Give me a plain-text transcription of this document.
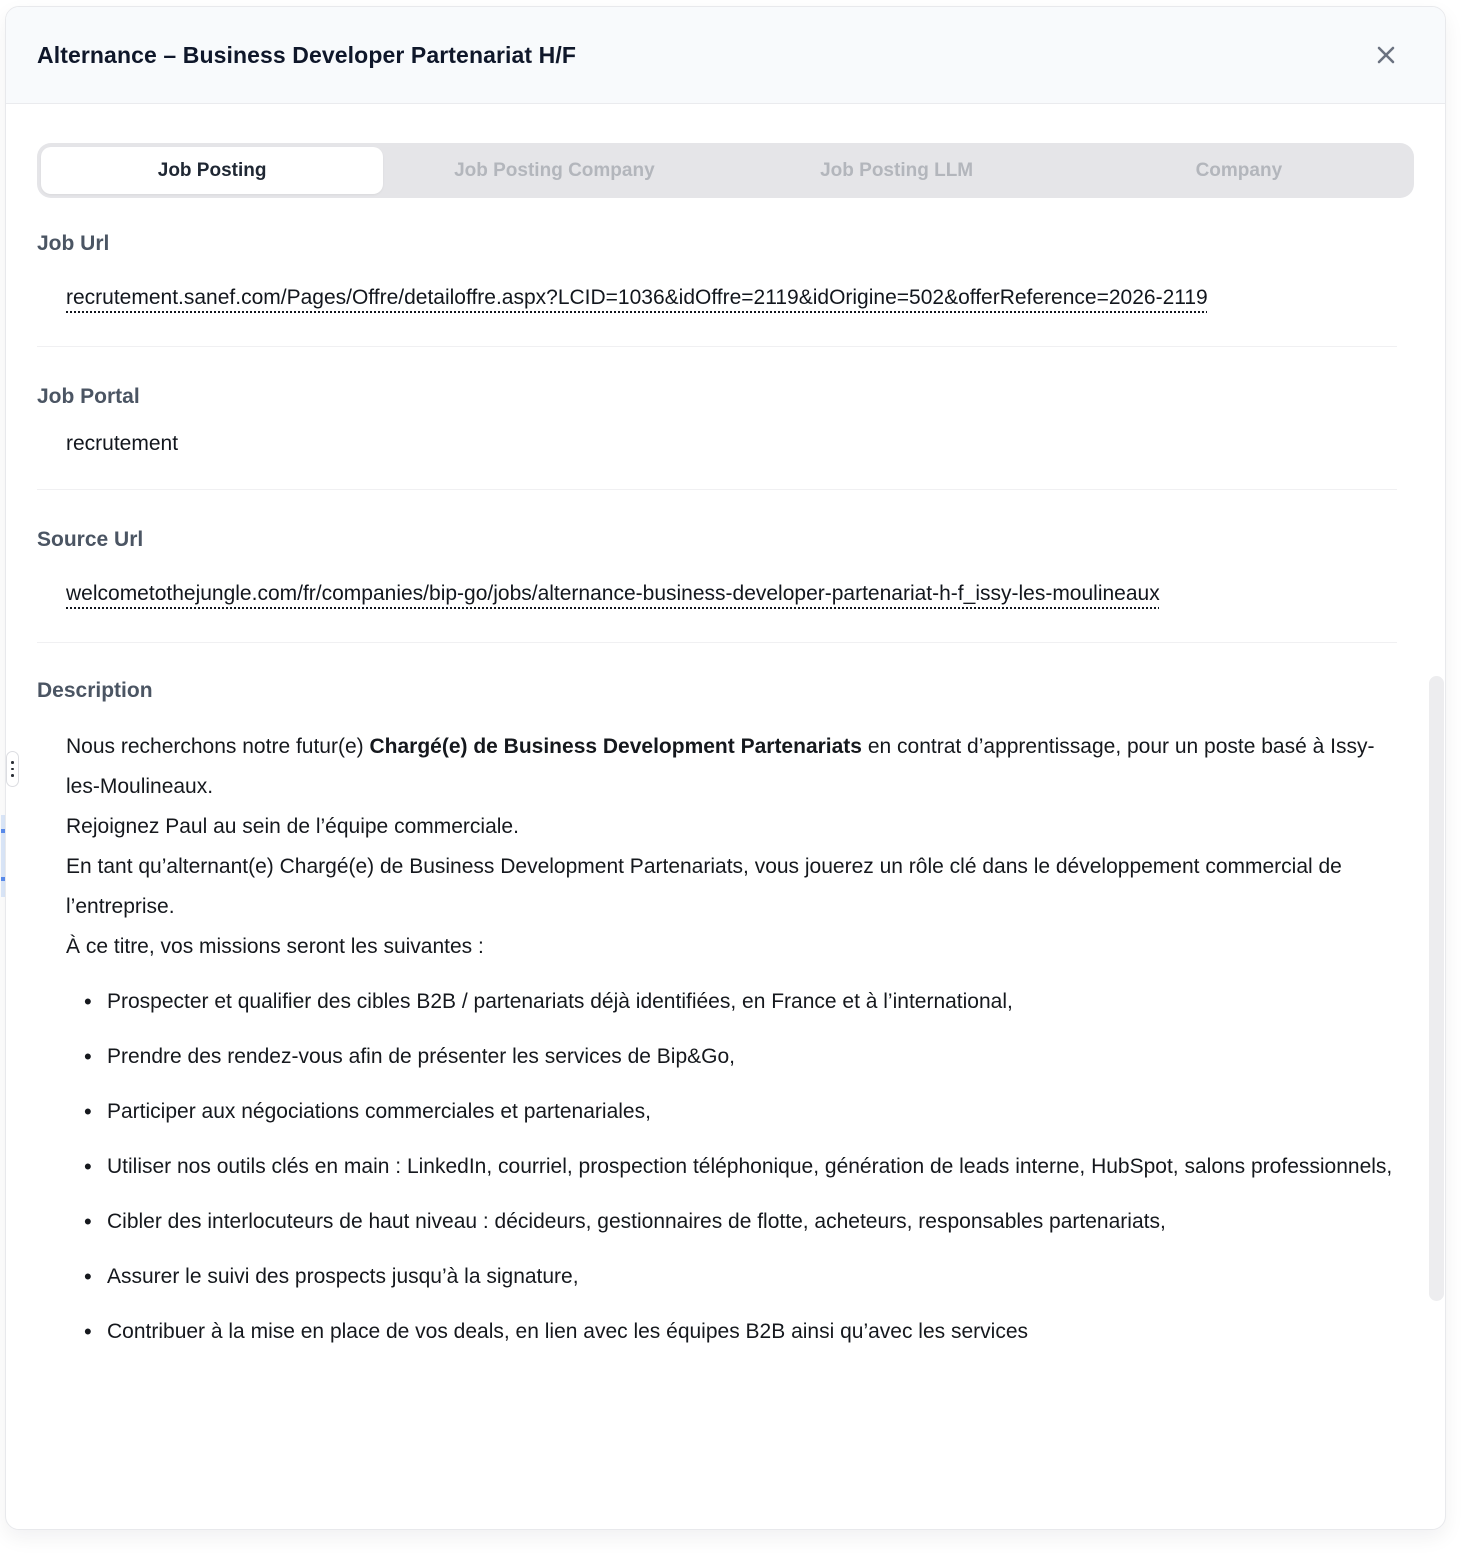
Alternance – Business Developer Partenariat H/F
Job Posting	Job Posting Company	Job Posting LLM	Company
Job Url
recrutement.sanef.com/Pages/Offre/detailoffre.aspx?LCID=1036&idOffre=2119&idOrigine=502&offerReference=2026-2119
Job Portal
recrutement
Source Url
welcometothejungle.com/fr/companies/bip-go/jobs/alternance-business-developer-partenariat-h-f_issy-les-moulineaux
Description
Nous recherchons notre futur(e) Chargé(e) de Business Development Partenariats en contrat d’apprentissage, pour un poste basé à Issy-les-Moulineaux.
Rejoignez Paul au sein de l’équipe commerciale.
En tant qu’alternant(e) Chargé(e) de Business Development Partenariats, vous jouerez un rôle clé dans le développement commercial de l’entreprise.
À ce titre, vos missions seront les suivantes :
• Prospecter et qualifier des cibles B2B / partenariats déjà identifiées, en France et à l’international,
• Prendre des rendez-vous afin de présenter les services de Bip&Go,
• Participer aux négociations commerciales et partenariales,
• Utiliser nos outils clés en main : LinkedIn, courriel, prospection téléphonique, génération de leads interne, HubSpot, salons professionnels,
• Cibler des interlocuteurs de haut niveau : décideurs, gestionnaires de flotte, acheteurs, responsables partenariats,
• Assurer le suivi des prospects jusqu’à la signature,
• Contribuer à la mise en place de vos deals, en lien avec les équipes B2B ainsi qu’avec les services
